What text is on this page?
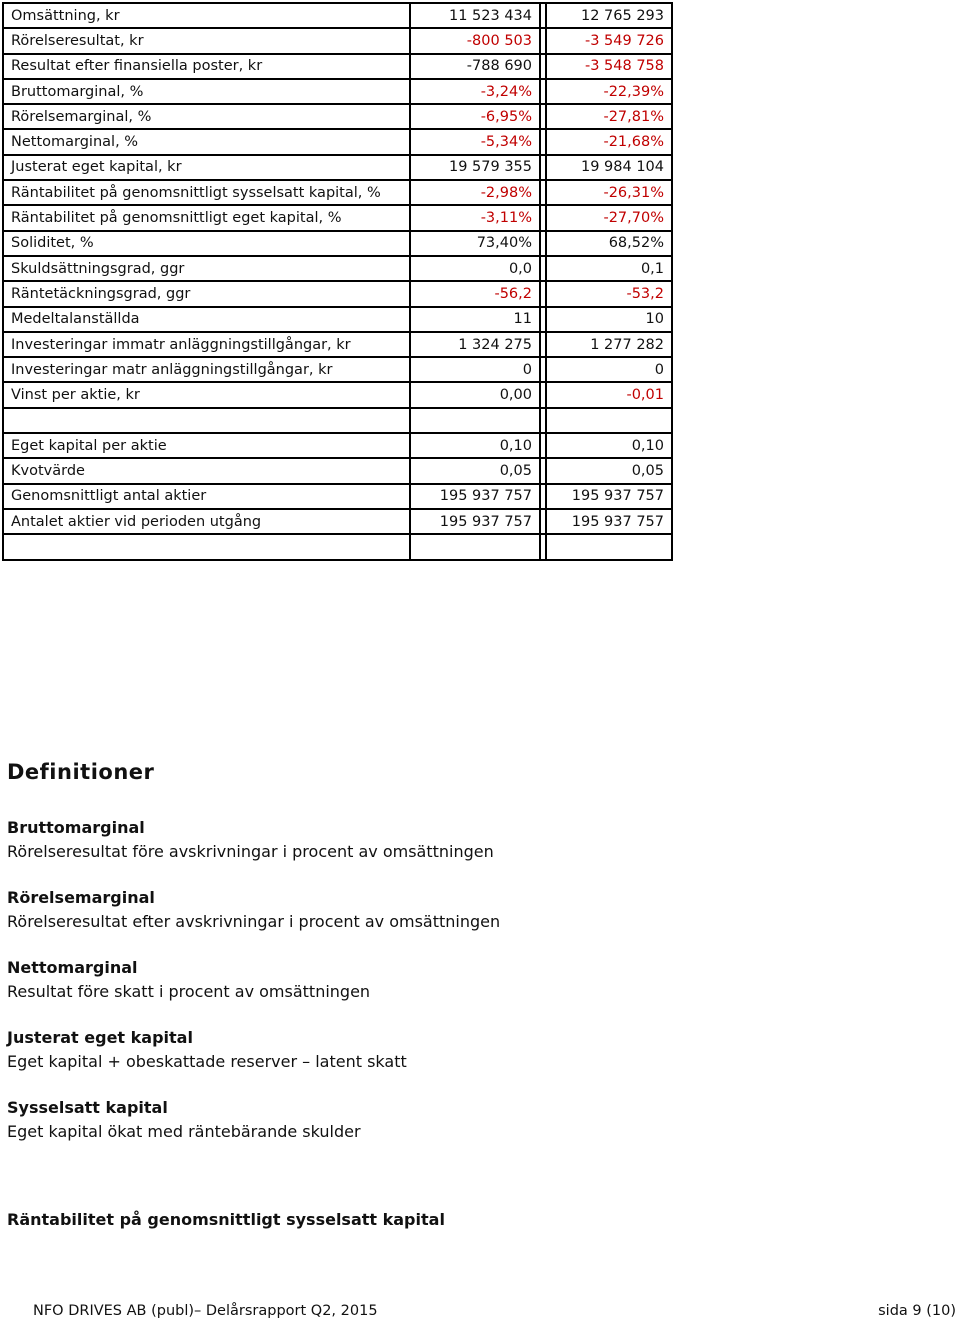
Omsättning, kr	11 523 434		12 765 293
Rörelseresultat, kr	-800 503		-3 549 726
Resultat efter finansiella poster, kr	-788 690		-3 548 758
Bruttomarginal, %	-3,24%		-22,39%
Rörelsemarginal, %	-6,95%		-27,81%
Nettomarginal, %	-5,34%		-21,68%
Justerat eget kapital, kr	19 579 355		19 984 104
Räntabilitet på genomsnittligt sysselsatt kapital, %	-2,98%		-26,31%
Räntabilitet på genomsnittligt eget kapital, %	-3,11%		-27,70%
Soliditet, %	73,40%		68,52%
Skuldsättningsgrad, ggr	0,0		0,1
Räntetäckningsgrad, ggr	-56,2		-53,2
Medeltalanställda	11		10
Investeringar immatr anläggningstillgångar, kr	1 324 275		1 277 282
Investeringar matr anläggningstillgångar, kr	0		0
Vinst per aktie, kr	0,00		-0,01

Eget kapital per aktie	0,10		0,10
Kvotvärde	0,05		0,05
Genomsnittligt antal aktier	195 937 757		195 937 757
Antalet aktier vid perioden utgång	195 937 757		195 937 757

Definitioner
Bruttomarginal
Rörelseresultat före avskrivningar i procent av omsättningen
Rörelsemarginal
Rörelseresultat efter avskrivningar i procent av omsättningen
Nettomarginal
Resultat före skatt i procent av omsättningen
Justerat eget kapital
Eget kapital + obeskattade reserver – latent skatt
Sysselsatt kapital
Eget kapital ökat med räntebärande skulder
Räntabilitet på genomsnittligt sysselsatt kapital
NFO DRIVES AB (publ)– Delårsrapport Q2, 2015	sida 9 (10)
